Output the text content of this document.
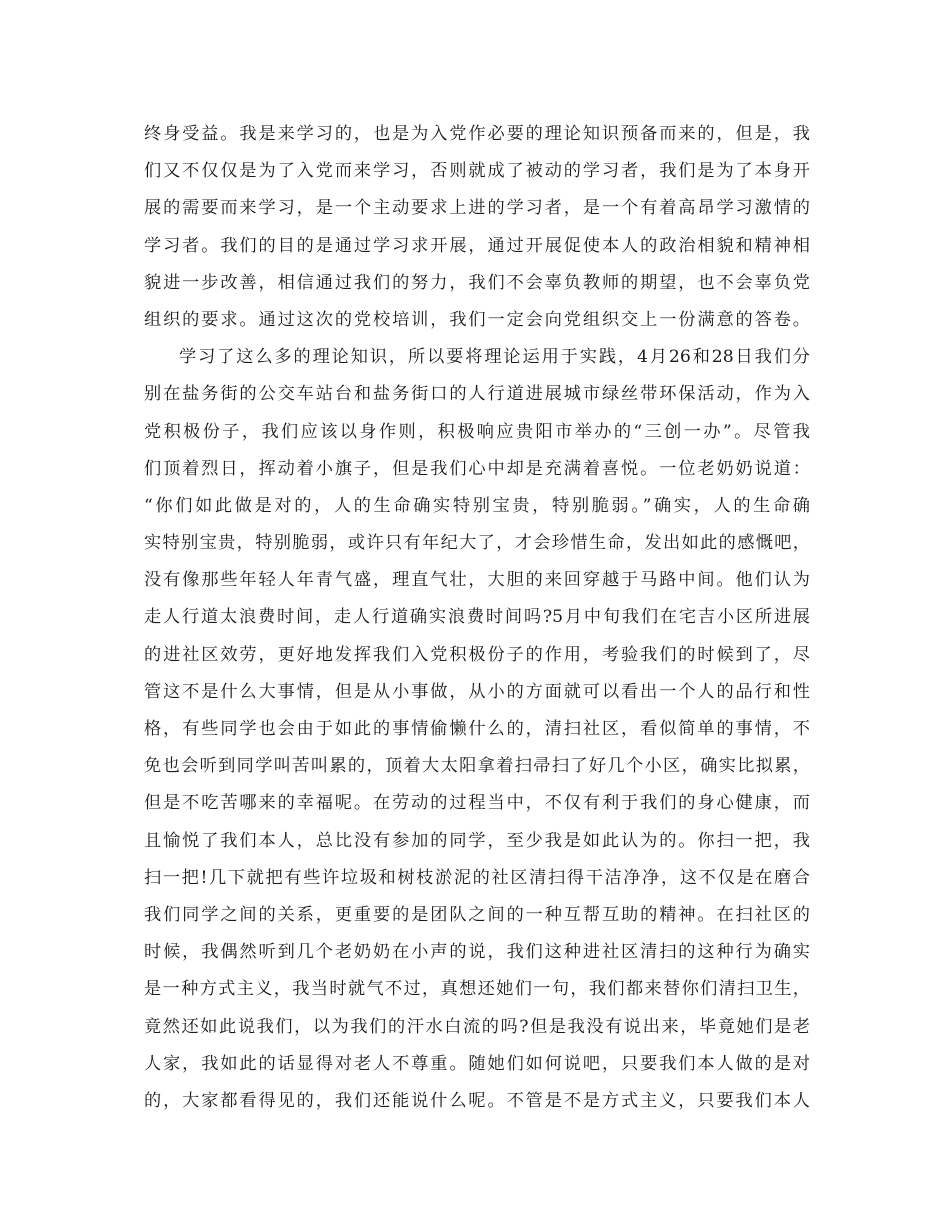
终身受益。我是来学习的，也是为入党作必要的理论知识预备而来的，但是，我
们又不仅仅是为了入党而来学习，否则就成了被动的学习者，我们是为了本身开
展的需要而来学习，是一个主动要求上进的学习者，是一个有着高昂学习激情的
学习者。我们的目的是通过学习求开展，通过开展促使本人的政治相貌和精神相
貌进一步改善，相信通过我们的努力，我们不会辜负教师的期望，也不会辜负党
组织的要求。通过这次的党校培训，我们一定会向党组织交上一份满意的答卷。
学习了这么多的理论知识，所以要将理论运用于实践，4月26和28日我们分
别在盐务街的公交车站台和盐务街口的人行道进展城市绿丝带环保活动，作为入
党积极份子，我们应该以身作则，积极响应贵阳市举办的“三创一办”。尽管我
们顶着烈日，挥动着小旗子，但是我们心中却是充满着喜悦。一位老奶奶说道：
“你们如此做是对的，人的生命确实特别宝贵，特别脆弱。”确实，人的生命确
实特别宝贵，特别脆弱，或许只有年纪大了，才会珍惜生命，发出如此的感慨吧，
没有像那些年轻人年青气盛，理直气壮，大胆的来回穿越于马路中间。他们认为
走人行道太浪费时间，走人行道确实浪费时间吗?5月中旬我们在宅吉小区所进展
的进社区效劳，更好地发挥我们入党积极份子的作用，考验我们的时候到了，尽
管这不是什么大事情，但是从小事做，从小的方面就可以看出一个人的品行和性
格，有些同学也会由于如此的事情偷懒什么的，清扫社区，看似简单的事情，不
免也会听到同学叫苦叫累的，顶着大太阳拿着扫帚扫了好几个小区，确实比拟累，
但是不吃苦哪来的幸福呢。在劳动的过程当中，不仅有利于我们的身心健康，而
且愉悦了我们本人，总比没有参加的同学，至少我是如此认为的。你扫一把，我
扫一把!几下就把有些许垃圾和树枝淤泥的社区清扫得干洁净净，这不仅是在磨合
我们同学之间的关系，更重要的是团队之间的一种互帮互助的精神。在扫社区的
时候，我偶然听到几个老奶奶在小声的说，我们这种进社区清扫的这种行为确实
是一种方式主义，我当时就气不过，真想还她们一句，我们都来替你们清扫卫生，
竟然还如此说我们，以为我们的汗水白流的吗?但是我没有说出来，毕竟她们是老
人家，我如此的话显得对老人不尊重。随她们如何说吧，只要我们本人做的是对
的，大家都看得见的，我们还能说什么呢。不管是不是方式主义，只要我们本人
